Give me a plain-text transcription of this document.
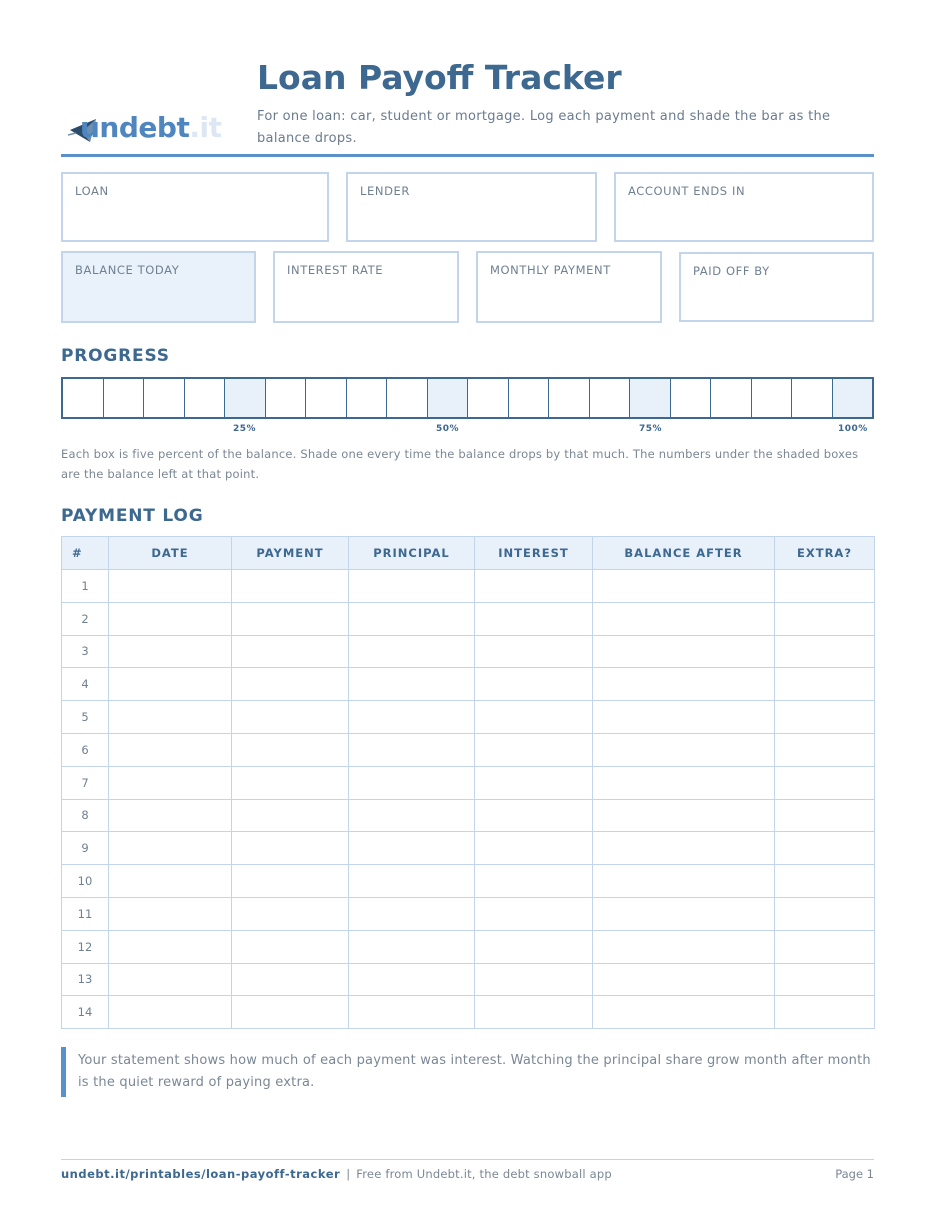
undebt.it
Loan Payoff Tracker
For one loan: car, student or mortgage. Log each payment and shade the bar as the balance drops.
LOAN	LENDER	ACCOUNT ENDS IN
BALANCE TODAY	INTEREST RATE	MONTHLY PAYMENT	PAID OFF BY
PROGRESS
25%	50%	75%	100%
Each box is five percent of the balance. Shade one every time the balance drops by that much. The numbers under the shaded boxes are the balance left at that point.
PAYMENT LOG
#	DATE	PAYMENT	PRINCIPAL	INTEREST	BALANCE AFTER	EXTRA?
1						
2						
3						
4						
5						
6						
7						
8						
9						
10						
11						
12						
13						
14						
Your statement shows how much of each payment was interest. Watching the principal share grow month after month is the quiet reward of paying extra.
undebt.it/printables/loan-payoff-tracker | Free from Undebt.it, the debt snowball app	Page 1
